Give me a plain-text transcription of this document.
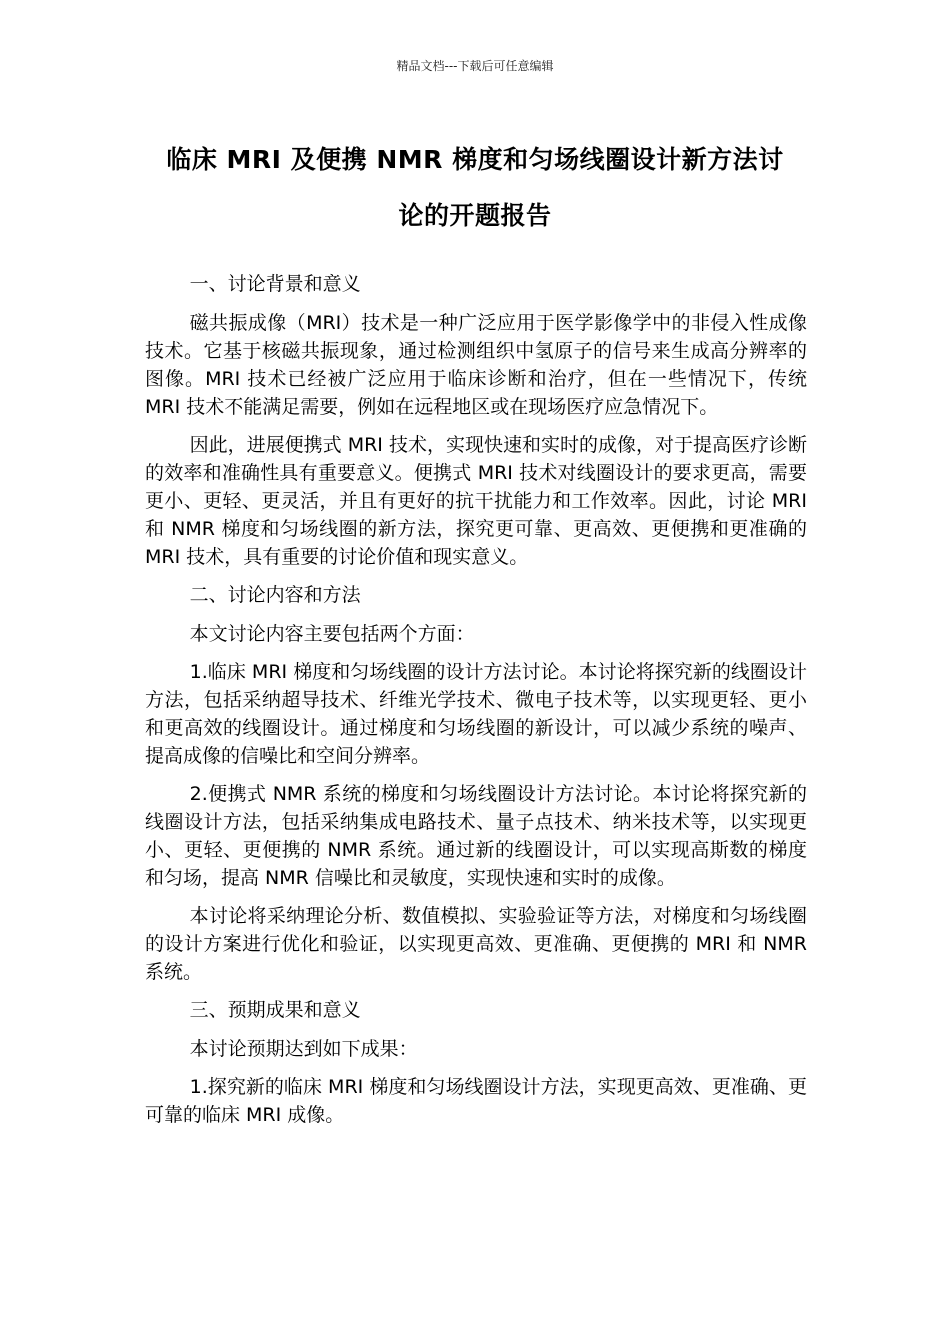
精品文档---下载后可任意编辑
临床 MRI 及便携 NMR 梯度和匀场线圈设计新方法讨
论的开题报告

一、讨论背景和意义

磁共振成像（MRI）技术是一种广泛应用于医学影像学中的非侵入性成像技术。它基于核磁共振现象，通过检测组织中氢原子的信号来生成高分辨率的图像。MRI 技术已经被广泛应用于临床诊断和治疗，但在一些情况下，传统 MRI 技术不能满足需要，例如在远程地区或在现场医疗应急情况下。

因此，进展便携式 MRI 技术，实现快速和实时的成像，对于提高医疗诊断的效率和准确性具有重要意义。便携式 MRI 技术对线圈设计的要求更高，需要更小、更轻、更灵活，并且有更好的抗干扰能力和工作效率。因此，讨论 MRI 和 NMR 梯度和匀场线圈的新方法，探究更可靠、更高效、更便携和更准确的 MRI 技术，具有重要的讨论价值和现实意义。

二、讨论内容和方法

本文讨论内容主要包括两个方面：

1.临床 MRI 梯度和匀场线圈的设计方法讨论。本讨论将探究新的线圈设计方法，包括采纳超导技术、纤维光学技术、微电子技术等，以实现更轻、更小和更高效的线圈设计。通过梯度和匀场线圈的新设计，可以减少系统的噪声、提高成像的信噪比和空间分辨率。

2.便携式 NMR 系统的梯度和匀场线圈设计方法讨论。本讨论将探究新的线圈设计方法，包括采纳集成电路技术、量子点技术、纳米技术等，以实现更小、更轻、更便携的 NMR 系统。通过新的线圈设计，可以实现高斯数的梯度和匀场，提高 NMR 信噪比和灵敏度，实现快速和实时的成像。

本讨论将采纳理论分析、数值模拟、实验验证等方法，对梯度和匀场线圈的设计方案进行优化和验证，以实现更高效、更准确、更便携的 MRI 和 NMR 系统。

三、预期成果和意义

本讨论预期达到如下成果：

1.探究新的临床 MRI 梯度和匀场线圈设计方法，实现更高效、更准确、更可靠的临床 MRI 成像。
